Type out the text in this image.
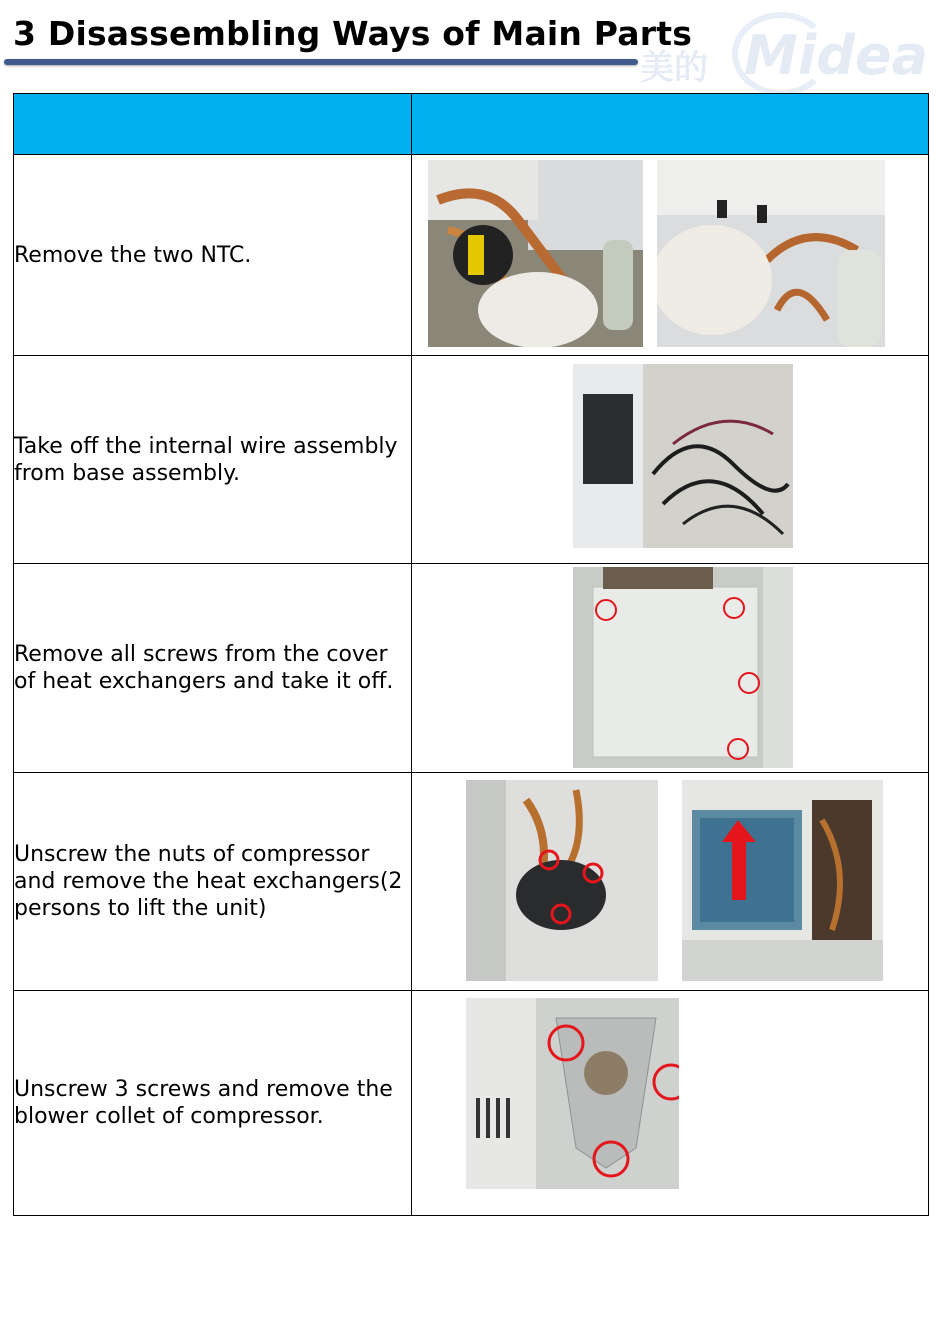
3 Disassembling Ways of Main Parts
美的 Midea

Remove the two NTC.	

Take off the internal wire assembly from base assembly.	

Remove all screws from the cover of heat exchangers and take it off.	

Unscrew the nuts of compressor and remove the heat exchangers(2 persons to lift the unit)	

Unscrew 3 screws and remove the blower collet of compressor.	
